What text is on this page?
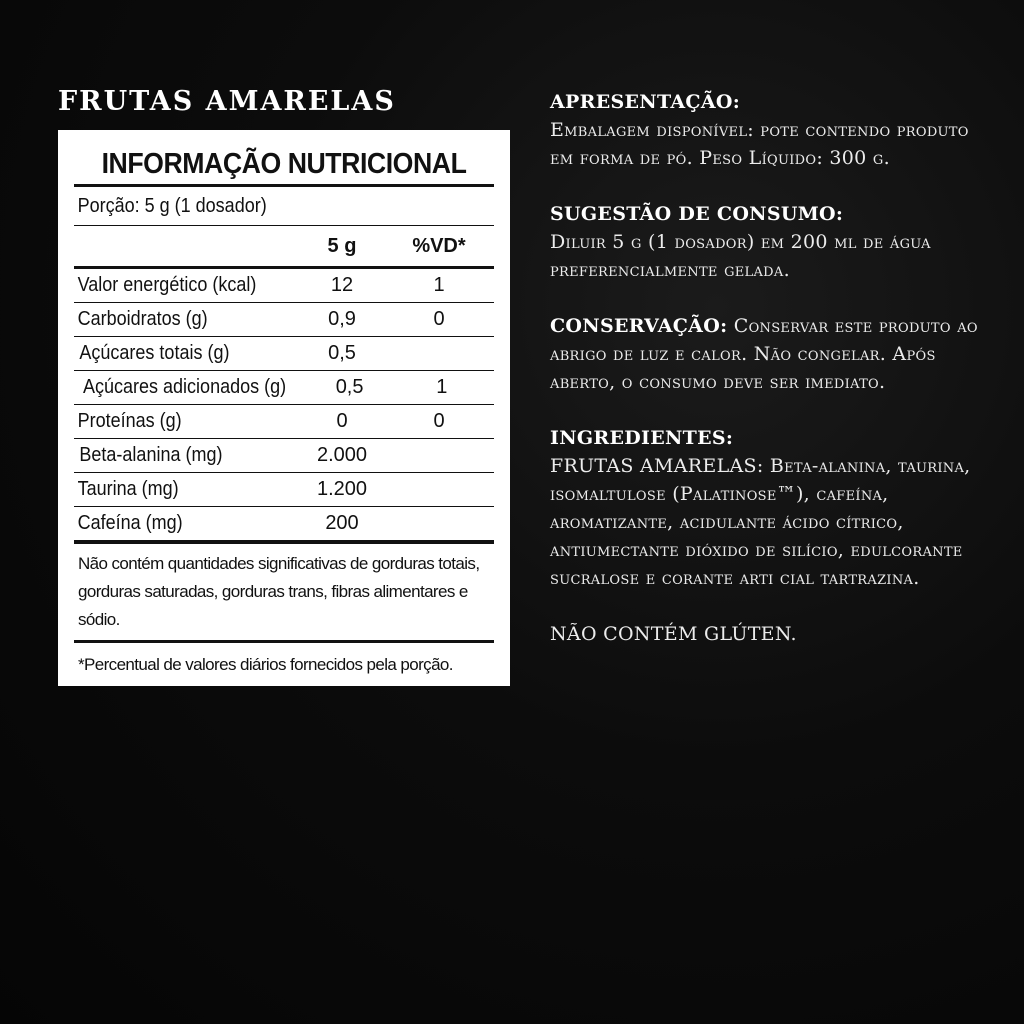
FRUTAS AMARELAS
INFORMAÇÃO NUTRICIONAL
Porção: 5 g (1 dosador)
5 g	%VD*
Valor energético (kcal)	12	1
Carboidratos (g)	0,9	0
Açúcares totais (g)	0,5
Açúcares adicionados (g)	0,5	1
Proteínas (g)	0	0
Beta-alanina (mg)	2.000
Taurina (mg)	1.200
Cafeína (mg)	200
Não contém quantidades significativas de gorduras totais, gorduras saturadas, gorduras trans, fibras alimentares e sódio.
*Percentual de valores diários fornecidos pela porção.
APRESENTAÇÃO:
Embalagem disponível: pote contendo produto em forma de pó. Peso Líquido: 300 g.
SUGESTÃO DE CONSUMO:
Diluir 5 g (1 dosador) em 200 ml de água preferencialmente gelada.
CONSERVAÇÃO: Conservar este produto ao abrigo de luz e calor. Não congelar. Após aberto, o consumo deve ser imediato.
INGREDIENTES:
FRUTAS AMARELAS: Beta-alanina, taurina, isomaltulose (Palatinose™), cafeína, aromatizante, acidulante ácido cítrico, antiumectante dióxido de silício, edulcorante sucralose e corante arti cial tartrazina.
NÃO CONTÉM GLÚTEN.
